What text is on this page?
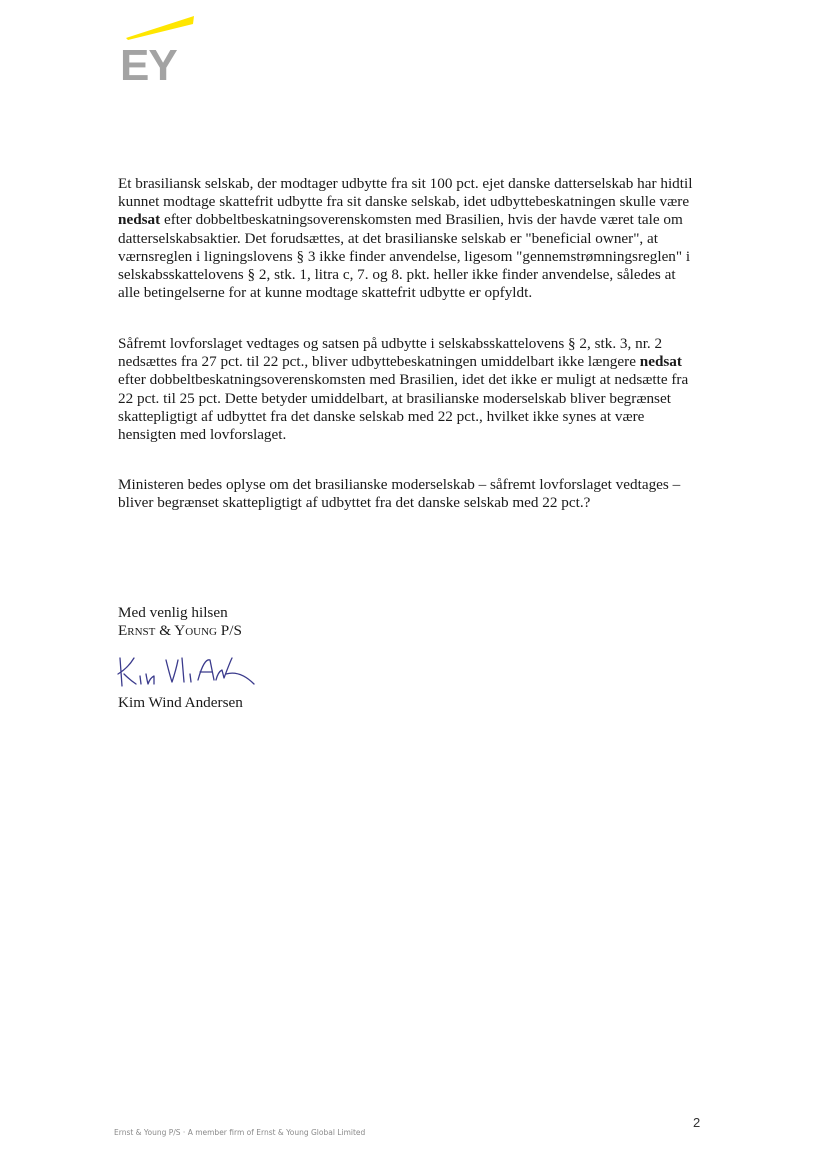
EY
Et brasiliansk selskab, der modtager udbytte fra sit 100 pct. ejet danske datterselskab har hidtil kunnet modtage skattefrit udbytte fra sit danske selskab, idet udbyttebeskatningen skulle være nedsat efter dobbeltbeskatningsoverenskomsten med Brasilien, hvis der havde været tale om datterselskabsaktier. Det forudsættes, at det brasilianske selskab er "beneficial owner", at værnsreglen i ligningslovens § 3 ikke finder anvendelse, ligesom "gennemstrømningsreglen" i selskabsskattelovens § 2, stk. 1, litra c, 7. og 8. pkt. heller ikke finder anvendelse, således at alle betingelserne for at kunne modtage skattefrit udbytte er opfyldt.
Såfremt lovforslaget vedtages og satsen på udbytte i selskabsskattelovens § 2, stk. 3, nr. 2 nedsættes fra 27 pct. til 22 pct., bliver udbyttebeskatningen umiddelbart ikke længere nedsat efter dobbeltbeskatningsoverenskomsten med Brasilien, idet det ikke er muligt at nedsætte fra 22 pct. til 25 pct. Dette betyder umiddelbart, at brasilianske moderselskab bliver begrænset skattepligtigt af udbyttet fra det danske selskab med 22 pct., hvilket ikke synes at være hensigten med lovforslaget.
Ministeren bedes oplyse om det brasilianske moderselskab – såfremt lovforslaget vedtages – bliver begrænset skattepligtigt af udbyttet fra det danske selskab med 22 pct.?
Med venlig hilsen
Ernst & Young P/S
Kim Wind Andersen
Ernst & Young P/S · A member firm of Ernst & Young Global Limited
2
